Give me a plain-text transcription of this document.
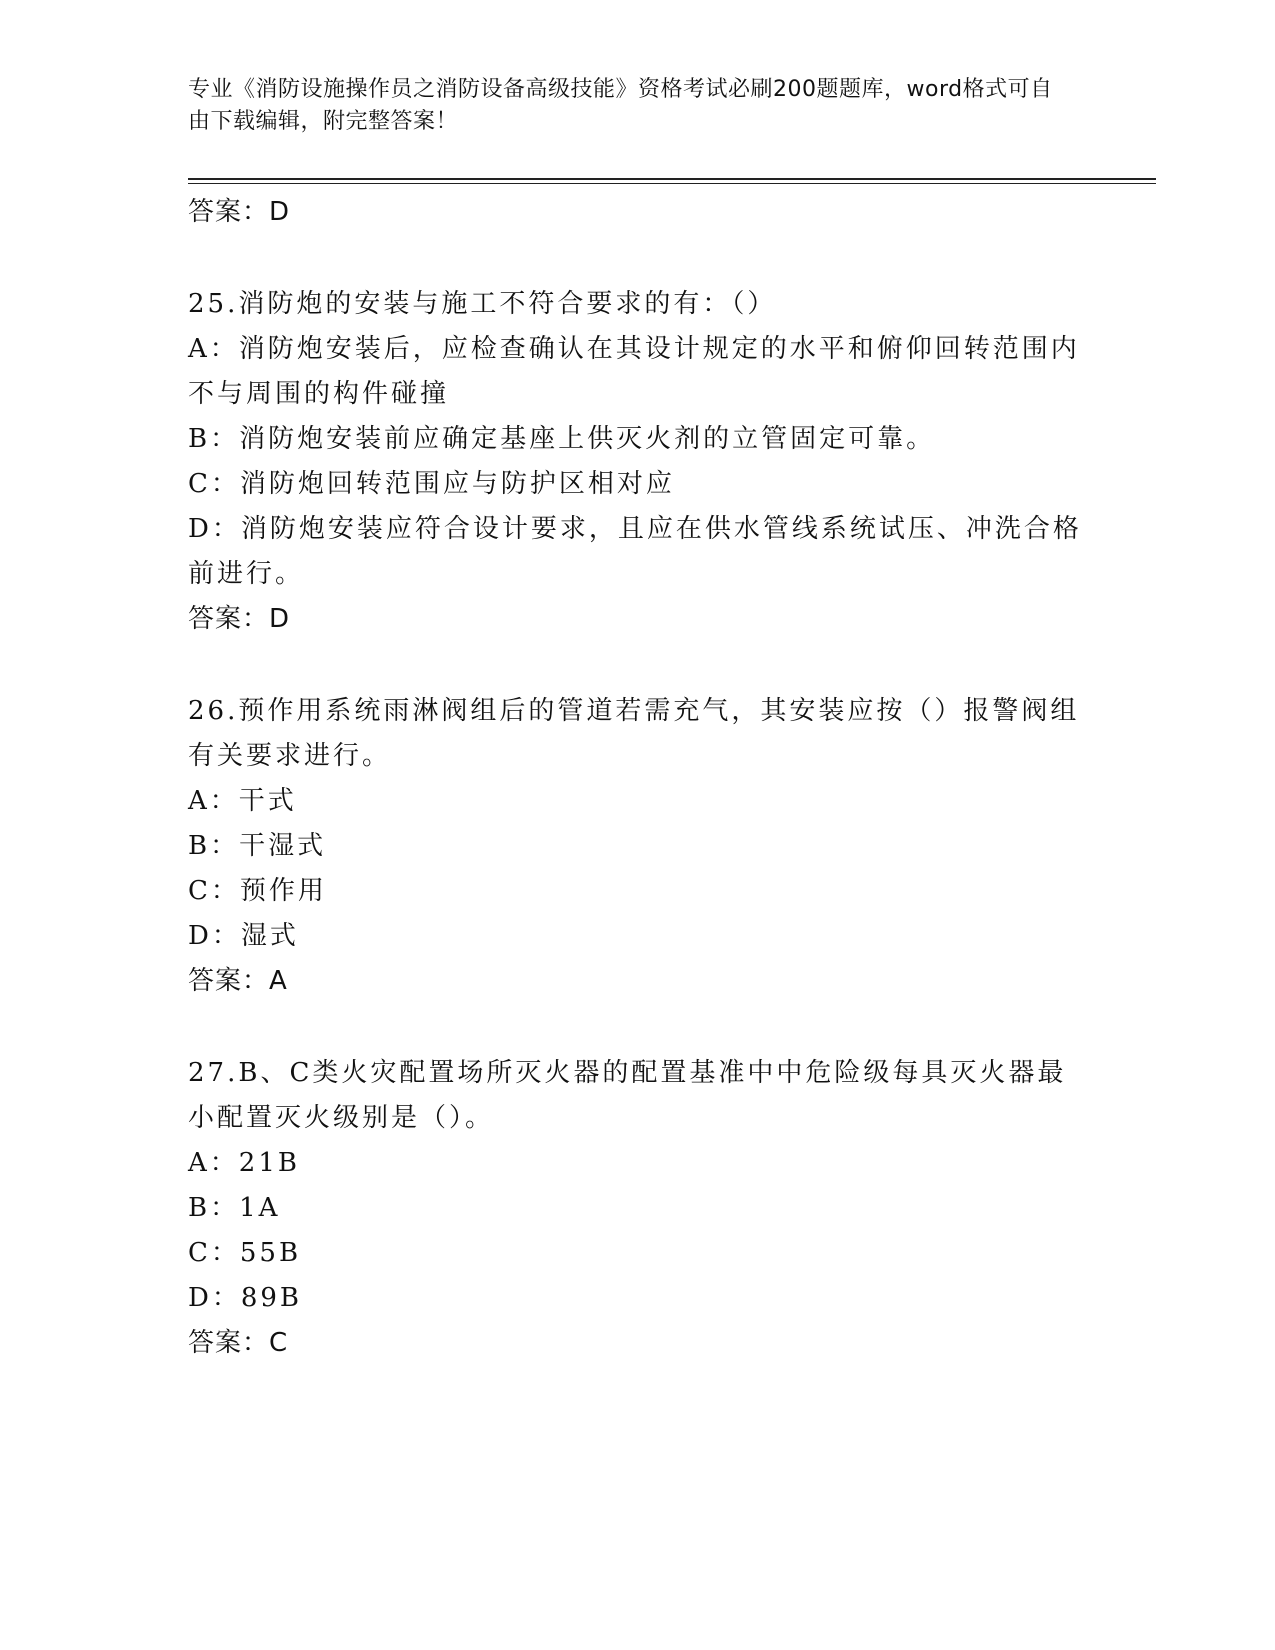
专业《消防设施操作员之消防设备高级技能》资格考试必刷200题题库，word格式可自由下载编辑，附完整答案！

答案：D

25.消防炮的安装与施工不符合要求的有：（）

A：消防炮安装后，应检查确认在其设计规定的水平和俯仰回转范围内不与周围的构件碰撞

B：消防炮安装前应确定基座上供灭火剂的立管固定可靠。

C：消防炮回转范围应与防护区相对应

D：消防炮安装应符合设计要求，且应在供水管线系统试压、冲洗合格前进行。

答案：D

26.预作用系统雨淋阀组后的管道若需充气，其安装应按（）报警阀组有关要求进行。

A：干式

B：干湿式

C：预作用

D：湿式

答案：A

27.B、C类火灾配置场所灭火器的配置基准中中危险级每具灭火器最小配置灭火级别是（）。

A：21B

B：1A

C：55B

D：89B

答案：C
